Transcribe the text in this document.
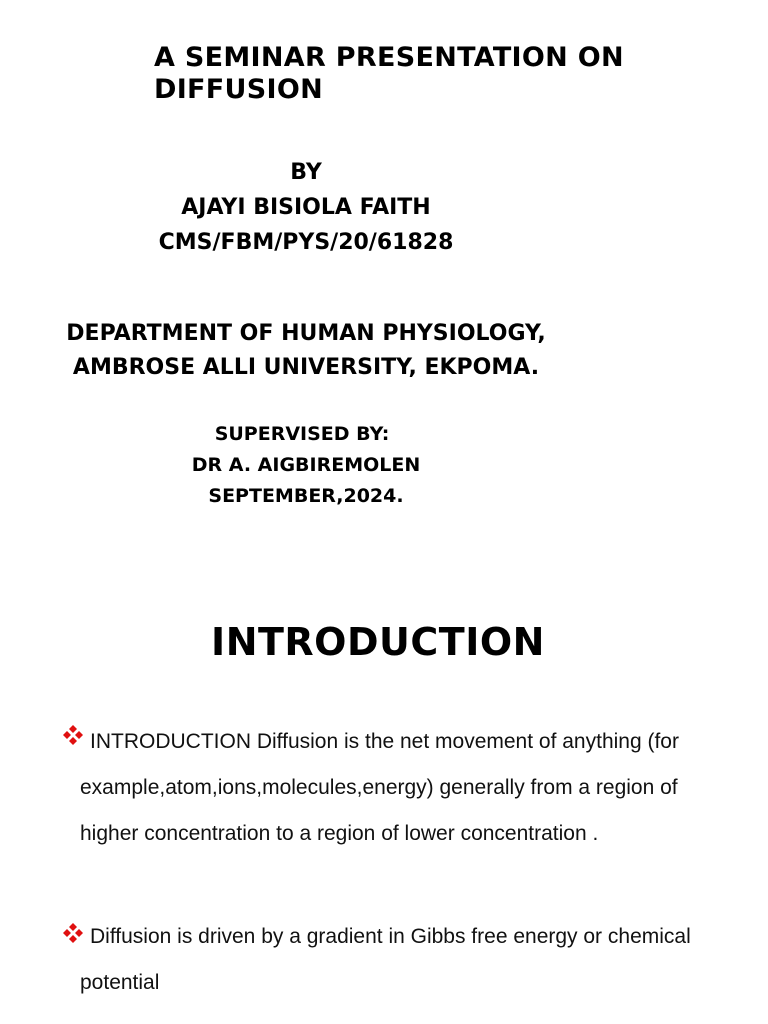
A SEMINAR PRESENTATION ON DIFFUSION
BY
AJAYI BISIOLA FAITH
CMS/FBM/PYS/20/61828
DEPARTMENT OF HUMAN PHYSIOLOGY,
AMBROSE ALLI UNIVERSITY, EKPOMA.
SUPERVISED BY:
DR A. AIGBIREMOLEN
SEPTEMBER,2024.
INTRODUCTION
INTRODUCTION Diffusion is the net movement of anything (for example,atom,ions,molecules,energy) generally from a region of higher concentration to a region of lower concentration .
Diffusion is driven by a gradient in Gibbs free energy or chemical potential
